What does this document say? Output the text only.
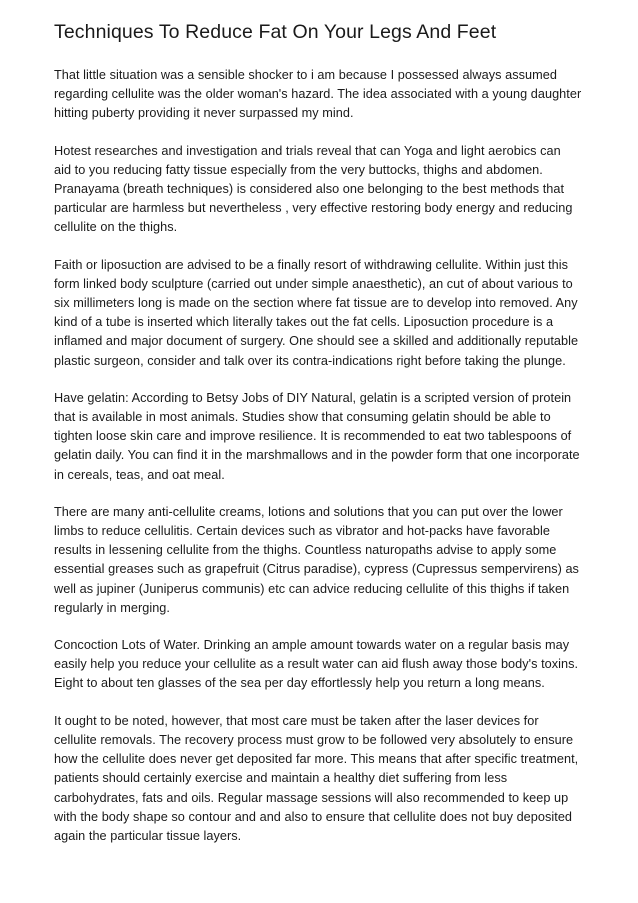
Techniques To Reduce Fat On Your Legs And Feet

That little situation was a sensible shocker to i am because I possessed always assumed
regarding cellulite was the older woman's hazard. The idea associated with a young daughter
hitting puberty providing it never surpassed my mind.

Hotest researches and investigation and trials reveal that can Yoga and light aerobics can
aid to you reducing fatty tissue especially from the very buttocks, thighs and abdomen.
Pranayama (breath techniques) is considered also one belonging to the best methods that
particular are harmless but nevertheless , very effective restoring body energy and reducing
cellulite on the thighs.

Faith or liposuction are advised to be a finally resort of withdrawing cellulite. Within just this
form linked body sculpture (carried out under simple anaesthetic), an cut of about various to
six millimeters long is made on the section where fat tissue are to develop into removed. Any
kind of a tube is inserted which literally takes out the fat cells. Liposuction procedure is a
inflamed and major document of surgery. One should see a skilled and additionally reputable
plastic surgeon, consider and talk over its contra-indications right before taking the plunge.

Have gelatin: According to Betsy Jobs of DIY Natural, gelatin is a scripted version of protein
that is available in most animals. Studies show that consuming gelatin should be able to
tighten loose skin care and improve resilience. It is recommended to eat two tablespoons of
gelatin daily. You can find it in the marshmallows and in the powder form that one incorporate
in cereals, teas, and oat meal.

There are many anti-cellulite creams, lotions and solutions that you can put over the lower
limbs to reduce cellulitis. Certain devices such as vibrator and hot-packs have favorable
results in lessening cellulite from the thighs. Countless naturopaths advise to apply some
essential greases such as grapefruit (Citrus paradise), cypress (Cupressus sempervirens) as
well as jupiner (Juniperus communis) etc can advice reducing cellulite of this thighs if taken
regularly in merging.

Concoction Lots of Water. Drinking an ample amount towards water on a regular basis may
easily help you reduce your cellulite as a result water can aid flush away those body's toxins.
Eight to about ten glasses of the sea per day effortlessly help you return a long means.

It ought to be noted, however, that most care must be taken after the laser devices for
cellulite removals. The recovery process must grow to be followed very absolutely to ensure
how the cellulite does never get deposited far more. This means that after specific treatment,
patients should certainly exercise and maintain a healthy diet suffering from less
carbohydrates, fats and oils. Regular massage sessions will also recommended to keep up
with the body shape so contour and and also to ensure that cellulite does not buy deposited
again the particular tissue layers.
